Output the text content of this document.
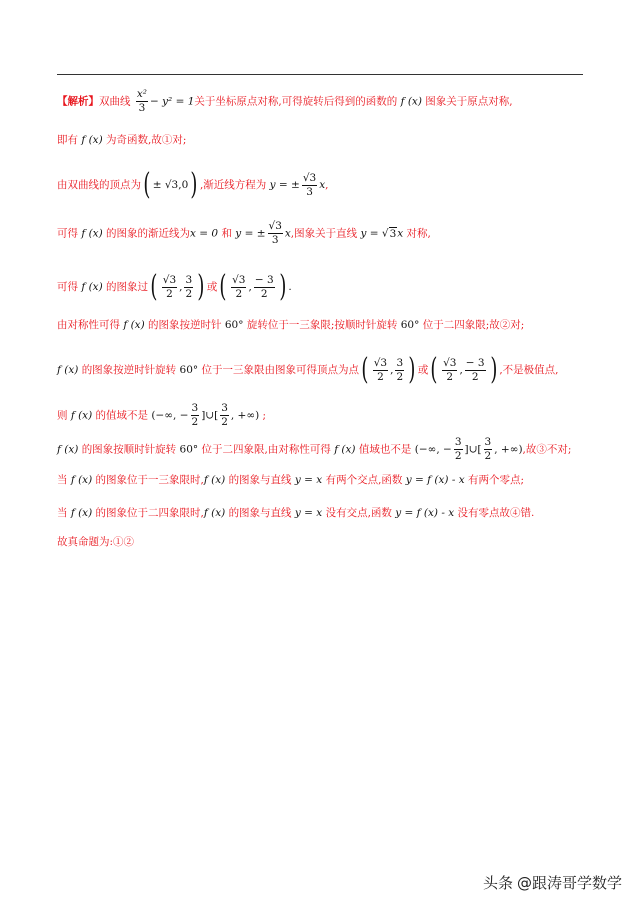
【解析】双曲线 $\frac{\text{x²}}{3} - y^2 = 1$关于坐标原点对称,可得旋转后得到的函数的 f (x) 图象关于原点对称,
即有 f (x) 为奇函数,故①对;
由双曲线的顶点为( ± √3,0) ,渐近线方程为 y = ± $\frac{√3}{3} x$,
可得 f (x) 的图象的渐近线为x = 0 和 y = ± $\frac{√3}{3} x$,图象关于直线 y = √3x 对称,
可得 f (x) 的图象过( $\frac{√3}{2}$ , $\frac{3}{2}$ ) 或( $\frac{√3}{2}$ , $\frac{- 3}{2}$ ) .
由对称性可得 f (x) 的图象按逆时针 60° 旋转位于一三象限;按顺时针旋转 60° 位于二四象限;故②对;
f (x) 的图象按逆时针旋转 60° 位于一三象限由图象可得顶点为点( $\frac{√3}{2}$ , $\frac{3}{2}$ ) 或( $\frac{√3}{2}$ , $\frac{- 3}{2}$ ) ,不是极值点,
则 f (x) 的值域不是 (−∞, − $\frac{3}{2}$ ]∪[ $\frac{3}{2}$ , +∞) ;
f (x) 的图象按顺时针旋转 60° 位于二四象限,由对称性可得 f (x) 值域也不是 (−∞, − $\frac{3}{2}$ ]∪[ $\frac{3}{2}$ , +∞),故③不对;
当 f (x) 的图象位于一三象限时,f (x) 的图象与直线 y = x 有两个交点,函数 y = f (x) - x 有两个零点;
当 f (x) 的图象位于二四象限时,f (x) 的图象与直线 y = x 没有交点,函数 y = f (x) - x 没有零点故④错.
故真命题为:①②
头条 @跟涛哥学数学
